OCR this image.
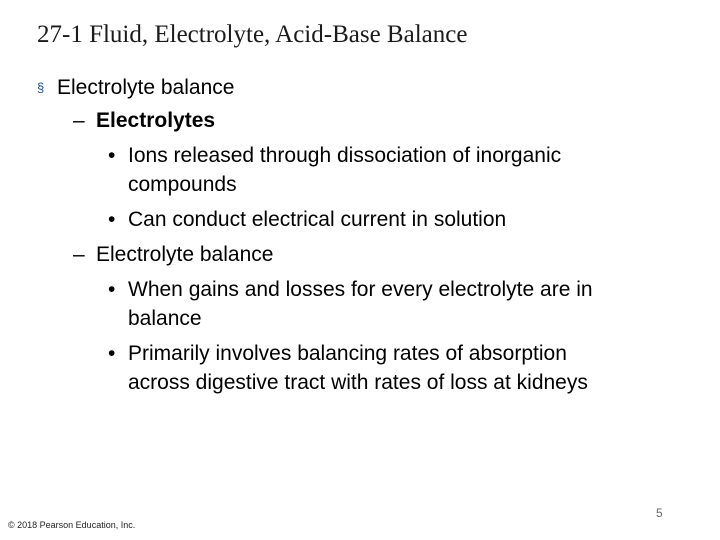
27-1 Fluid, Electrolyte, Acid-Base Balance
§ Electrolyte balance
– Electrolytes
• Ions released through dissociation of inorganic
compounds
• Can conduct electrical current in solution
– Electrolyte balance
• When gains and losses for every electrolyte are in
balance
• Primarily involves balancing rates of absorption
across digestive tract with rates of loss at kidneys
5
© 2018 Pearson Education, Inc.
